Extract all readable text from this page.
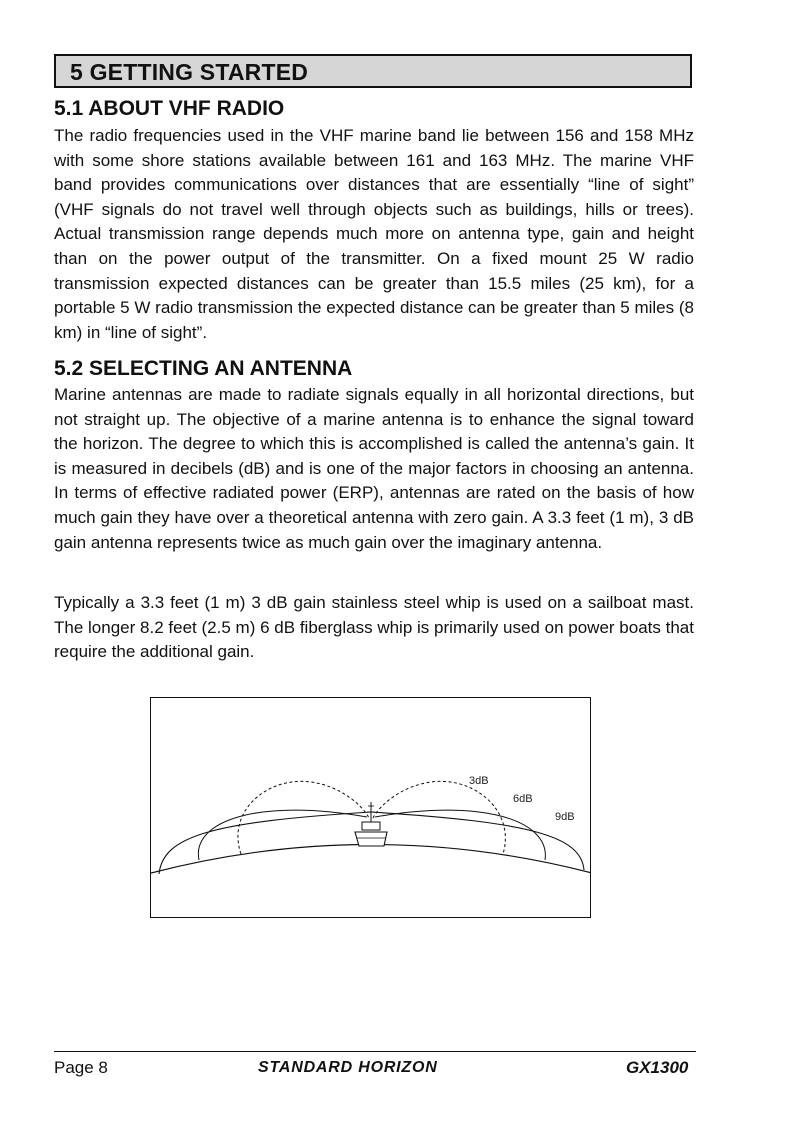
5 GETTING STARTED
5.1 ABOUT VHF RADIO
The radio frequencies used in the VHF marine band lie between 156 and 158 MHz with some shore stations available between 161 and 163 MHz. The marine VHF band provides communications over distances that are essentially “line of sight” (VHF signals do not travel well through objects such as buildings, hills or trees). Actual transmission range depends much more on antenna type, gain and height than on the power output of the transmitter. On a fixed mount 25 W radio transmission expected distances can be greater than 15.5 miles (25 km), for a portable 5 W radio transmission the expected distance can be greater than 5 miles (8 km) in “line of sight”.
5.2 SELECTING AN ANTENNA
Marine antennas are made to radiate signals equally in all horizontal directions, but not straight up. The objective of a marine antenna is to enhance the signal toward the horizon. The degree to which this is accomplished is called the antenna’s gain. It is measured in decibels (dB) and is one of the major factors in choosing an antenna. In terms of effective radiated power (ERP), antennas are rated on the basis of how much gain they have over a theoretical antenna with zero gain. A 3.3 feet (1 m), 3 dB gain antenna represents twice as much gain over the imaginary antenna.
Typically a 3.3 feet (1 m) 3 dB gain stainless steel whip is used on a sailboat mast. The longer 8.2 feet (2.5 m) 6 dB fiberglass whip is primarily used on power boats that require the additional gain.
3dB
6dB
9dB
Page 8	STANDARD HORIZON	GX1300
